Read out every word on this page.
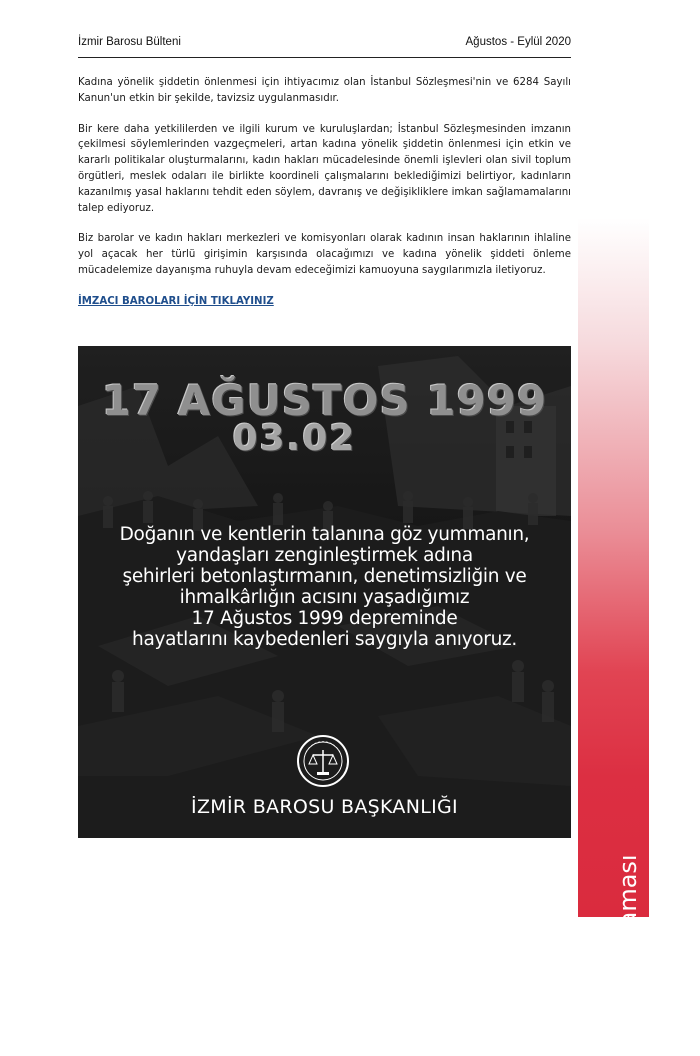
İzmir Barosu Bülteni	Ağustos - Eylül 2020

Kadına yönelik şiddetin önlenmesi için ihtiyacımız olan İstanbul Sözleşmesi'nin ve 6284 Sayılı Kanun'un etkin bir şekilde, tavizsiz uygulanmasıdır.

Bir kere daha yetkililerden ve ilgili kurum ve kuruluşlardan; İstanbul Sözleşmesinden imzanın çekilmesi söylemlerinden vazgeçmeleri, artan kadına yönelik şiddetin önlenmesi için etkin ve kararlı politikalar oluşturmalarını, kadın hakları mücadelesinde önemli işlevleri olan sivil toplum örgütleri, meslek odaları ile birlikte koordineli çalışmalarını beklediğimizi belirtiyor, kadınların kazanılmış yasal haklarını tehdit eden söylem, davranış ve değişikliklere imkan sağlamamalarını talep ediyoruz.

Biz barolar ve kadın hakları merkezleri ve komisyonları olarak kadının insan haklarının ihlaline yol açacak her türlü girişimin karşısında olacağımızı ve kadına yönelik şiddeti önleme mücadelemize dayanışma ruhuyla devam edeceğimizi kamuoyuna saygılarımızla iletiyoruz.

İMZACI BAROLARI İÇİN TIKLAYINIZ
17 AĞUSTOS 1999
03.02
Doğanın ve kentlerin talanına göz yummanın,
yandaşları zenginleştirmek adına
şehirleri betonlaştırmanın, denetimsizliğin ve
ihmalkârlığın acısını yaşadığımız
17 Ağustos 1999 depreminde
hayatlarını kaybedenleri saygıyla anıyoruz.
İZMİR BAROSU BAŞKANLIĞI
Basın Açıklaması
